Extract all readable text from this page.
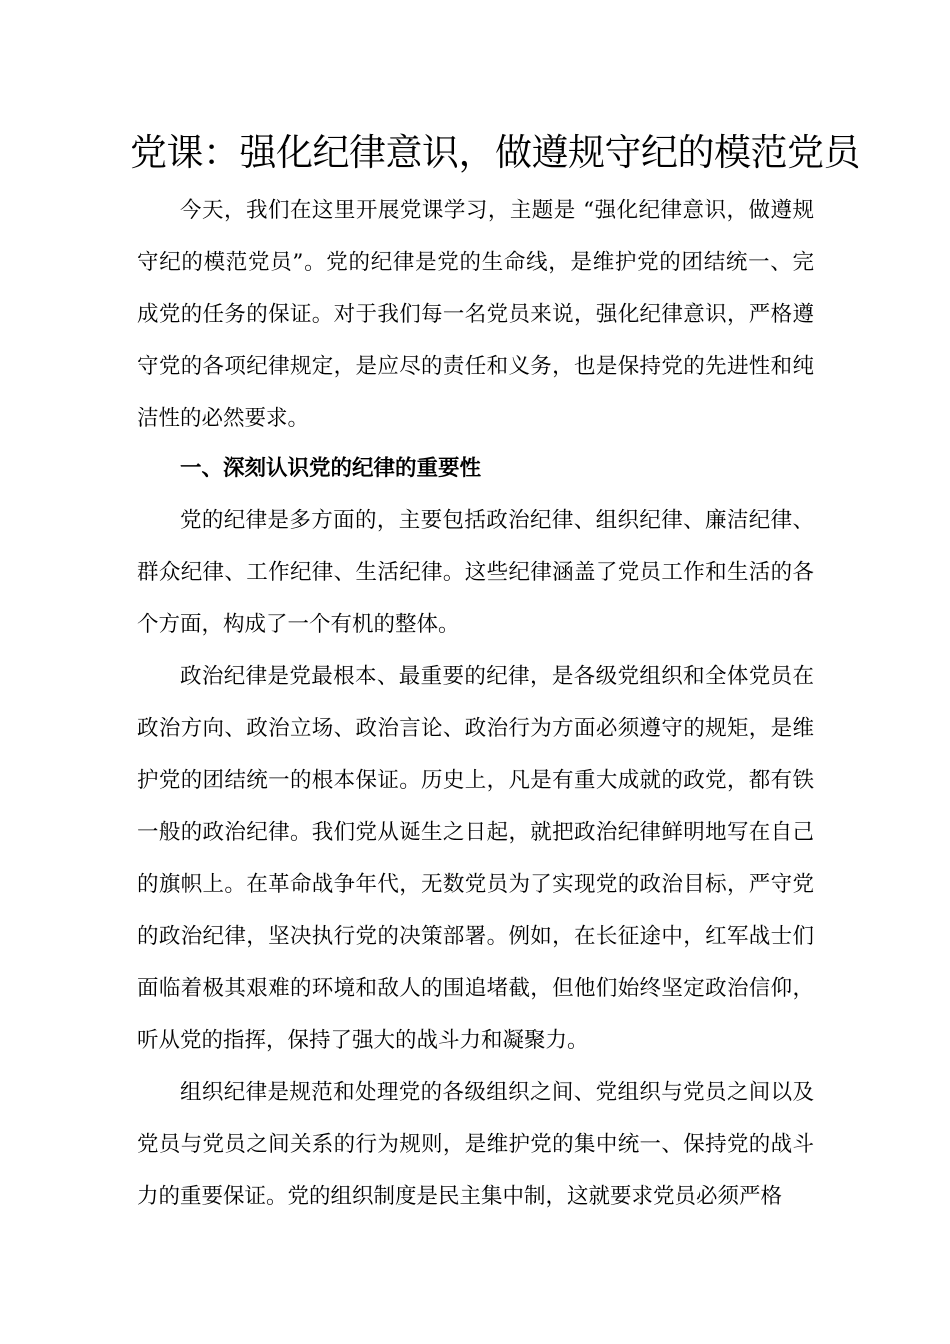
党课：强化纪律意识，做遵规守纪的模范党员

今天，我们在这里开展党课学习，主题是 “强化纪律意识，做遵规守纪的模范党员”。党的纪律是党的生命线，是维护党的团结统一、完成党的任务的保证。对于我们每一名党员来说，强化纪律意识，严格遵守党的各项纪律规定，是应尽的责任和义务，也是保持党的先进性和纯洁性的必然要求。

一、深刻认识党的纪律的重要性

党的纪律是多方面的，主要包括政治纪律、组织纪律、廉洁纪律、群众纪律、工作纪律、生活纪律。这些纪律涵盖了党员工作和生活的各个方面，构成了一个有机的整体。

政治纪律是党最根本、最重要的纪律，是各级党组织和全体党员在政治方向、政治立场、政治言论、政治行为方面必须遵守的规矩，是维护党的团结统一的根本保证。历史上，凡是有重大成就的政党，都有铁一般的政治纪律。我们党从诞生之日起，就把政治纪律鲜明地写在自己的旗帜上。在革命战争年代，无数党员为了实现党的政治目标，严守党的政治纪律，坚决执行党的决策部署。例如，在长征途中，红军战士们面临着极其艰难的环境和敌人的围追堵截，但他们始终坚定政治信仰，听从党的指挥，保持了强大的战斗力和凝聚力。

组织纪律是规范和处理党的各级组织之间、党组织与党员之间以及党员与党员之间关系的行为规则，是维护党的集中统一、保持党的战斗力的重要保证。党的组织制度是民主集中制，这就要求党员必须严格
